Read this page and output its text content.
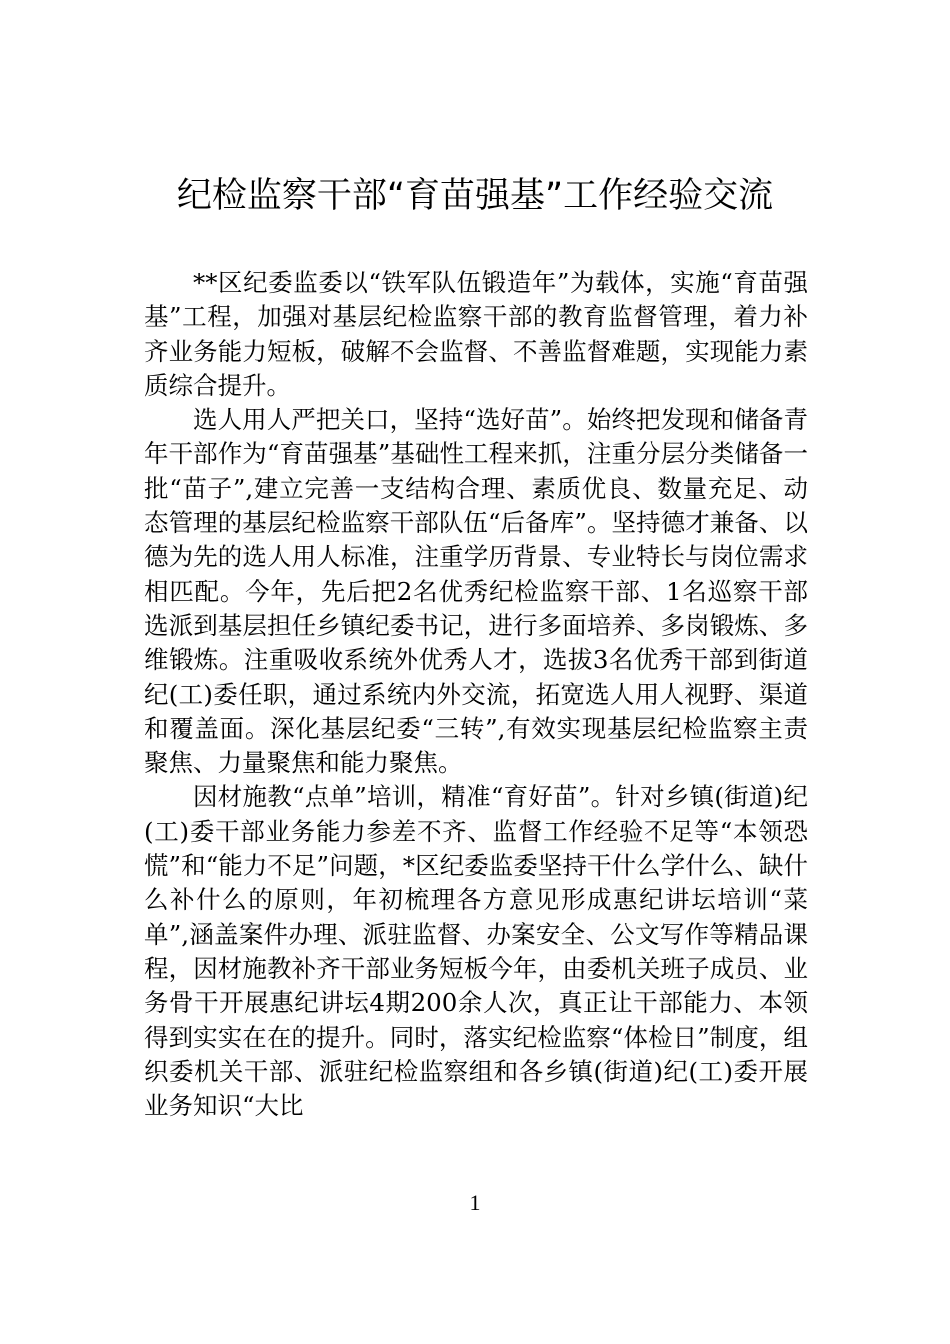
纪检监察干部“育苗强基”工作经验交流

**区纪委监委以“铁军队伍锻造年”为载体，实施“育苗强基”工程，加强对基层纪检监察干部的教育监督管理，着力补齐业务能力短板，破解不会监督、不善监督难题，实现能力素质综合提升。

选人用人严把关口，坚持“选好苗”。始终把发现和储备青年干部作为“育苗强基”基础性工程来抓，注重分层分类储备一批“苗子”,建立完善一支结构合理、素质优良、数量充足、动态管理的基层纪检监察干部队伍“后备库”。坚持德才兼备、以德为先的选人用人标准，注重学历背景、专业特长与岗位需求相匹配。今年，先后把2名优秀纪检监察干部、1名巡察干部选派到基层担任乡镇纪委书记，进行多面培养、多岗锻炼、多维锻炼。注重吸收系统外优秀人才，选拔3名优秀干部到街道纪(工)委任职，通过系统内外交流，拓宽选人用人视野、渠道和覆盖面。深化基层纪委“三转”,有效实现基层纪检监察主责聚焦、力量聚焦和能力聚焦。

因材施教“点单”培训，精准“育好苗”。针对乡镇(街道)纪(工)委干部业务能力参差不齐、监督工作经验不足等“本领恐慌”和“能力不足”问题，*区纪委监委坚持干什么学什么、缺什么补什么的原则，年初梳理各方意见形成惠纪讲坛培训“菜单”,涵盖案件办理、派驻监督、办案安全、公文写作等精品课程，因材施教补齐干部业务短板今年，由委机关班子成员、业务骨干开展惠纪讲坛4期200余人次，真正让干部能力、本领得到实实在在的提升。同时，落实纪检监察“体检日”制度，组织委机关干部、派驻纪检监察组和各乡镇(街道)纪(工)委开展业务知识“大比

1
